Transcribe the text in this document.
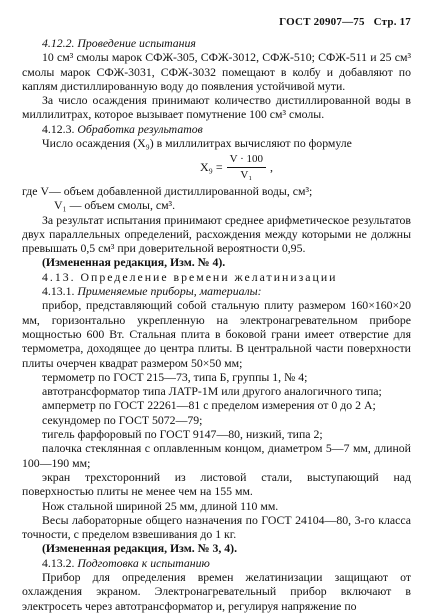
ГОСТ 20907—75 Стр. 17

4.12.2. Проведение испытания

10 см³ смолы марок СФЖ-305, СФЖ-3012, СФЖ-510; СФЖ-511 и 25 см³ смолы марок СФЖ-3031, СФЖ-3032 помещают в колбу и добавляют по каплям дистиллированную воду до появления устойчивой мути.

За число осаждения принимают количество дистиллированной воды в миллилитрах, которое вызывает помутнение 100 см³ смолы.

4.12.3. Обработка результатов

Число осаждения (X₉) в миллилитрах вычисляют по формуле

$X_9 = \frac{V \cdot 100}{\text{V₁}}$ ,

где V— объем добавленной дистиллированной воды, см³;

V₁ — объем смолы, см³.

За результат испытания принимают среднее арифметическое результатов двух параллельных определений, расхождения между которыми не должны превышать 0,5 см³ при доверительной вероятности 0,95.

(Измененная редакция, Изм. № 4).

4.13. Определение времени желатинизации

4.13.1. Применяемые приборы, материалы:

прибор, представляющий собой стальную плиту размером 160×160×20 мм, горизонтально укрепленную на электронагревательном приборе мощностью 600 Вт. Стальная плита в боковой грани имеет отверстие для термометра, доходящее до центра плиты. В центральной части поверхности плиты очерчен квадрат размером 50×50 мм;

термометр по ГОСТ 215—73, типа Б, группы 1, № 4;

автотрансформатор типа ЛАТР-1М или другого аналогичного типа;

амперметр по ГОСТ 22261—81 с пределом измерения от 0 до 2 А;

секундомер по ГОСТ 5072—79;

тигель фарфоровый по ГОСТ 9147—80, низкий, типа 2;

палочка стеклянная с оплавленным концом, диаметром 5—7 мм, длиной 100—190 мм;

экран трехсторонний из листовой стали, выступающий над поверхностью плиты не менее чем на 155 мм.

Нож стальной шириной 25 мм, длиной 110 мм.

Весы лабораторные общего назначения по ГОСТ 24104—80, 3-го класса точности, с пределом взвешивания до 1 кг.

(Измененная редакция, Изм. № 3, 4).

4.13.2. Подготовка к испытанию

Прибор для определения времен желатинизации защищают от охлаждения экраном. Электронагревательный прибор включают в электросеть через автотрансформатор и, регулируя напряжение по
